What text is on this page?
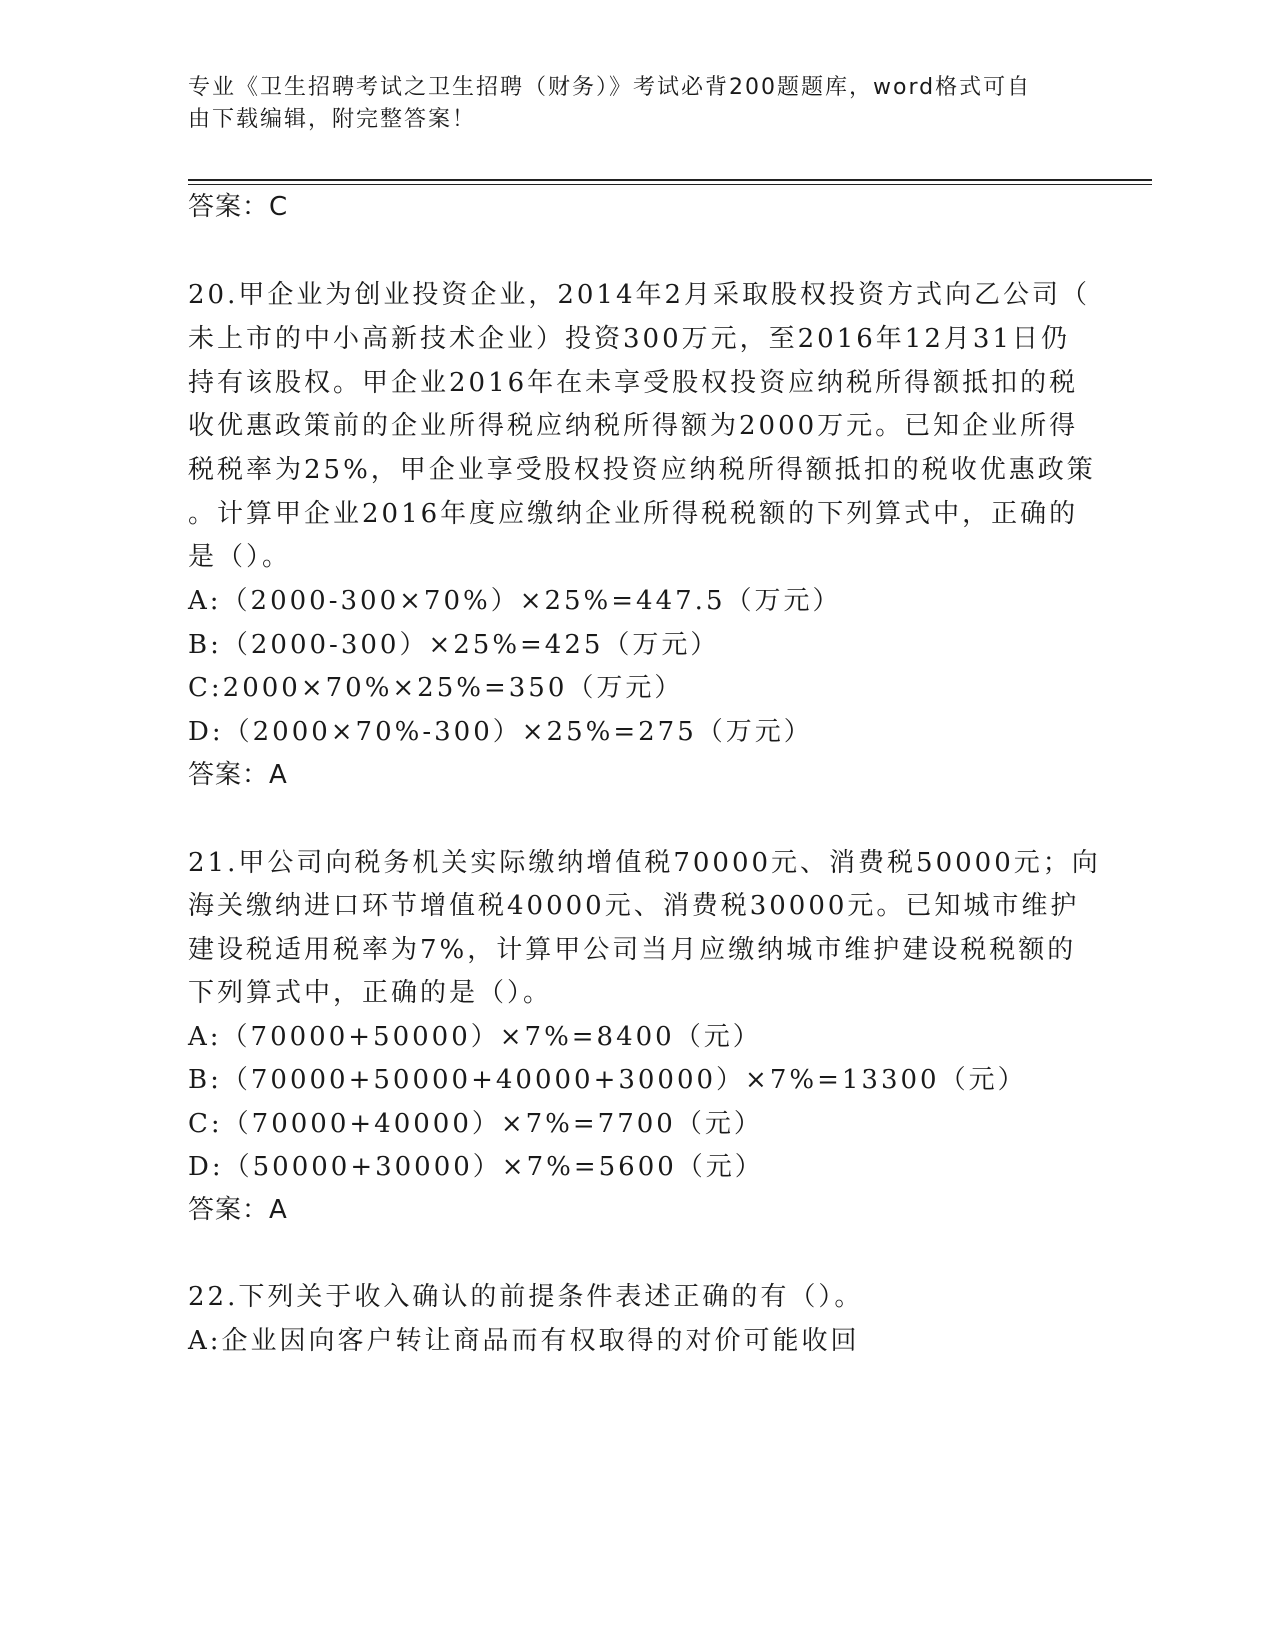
专业《卫生招聘考试之卫生招聘（财务）》考试必背200题题库，word格式可自
由下载编辑，附完整答案！
答案：C
20.甲企业为创业投资企业，2014年2月采取股权投资方式向乙公司（
未上市的中小高新技术企业）投资300万元，至2016年12月31日仍
持有该股权。甲企业2016年在未享受股权投资应纳税所得额抵扣的税
收优惠政策前的企业所得税应纳税所得额为2000万元。已知企业所得
税税率为25%，甲企业享受股权投资应纳税所得额抵扣的税收优惠政策
。计算甲企业2016年度应缴纳企业所得税税额的下列算式中，正确的
是（）。
A:（2000-300×70%）×25%=447.5（万元）
B:（2000-300）×25%=425（万元）
C:2000×70%×25%=350（万元）
D:（2000×70%-300）×25%=275（万元）
答案：A
21.甲公司向税务机关实际缴纳增值税70000元、消费税50000元；向
海关缴纳进口环节增值税40000元、消费税30000元。已知城市维护
建设税适用税率为7%，计算甲公司当月应缴纳城市维护建设税税额的
下列算式中，正确的是（）。
A:（70000+50000）×7%=8400（元）
B:（70000+50000+40000+30000）×7%=13300（元）
C:（70000+40000）×7%=7700（元）
D:（50000+30000）×7%=5600（元）
答案：A
22.下列关于收入确认的前提条件表述正确的有（）。
A:企业因向客户转让商品而有权取得的对价可能收回
